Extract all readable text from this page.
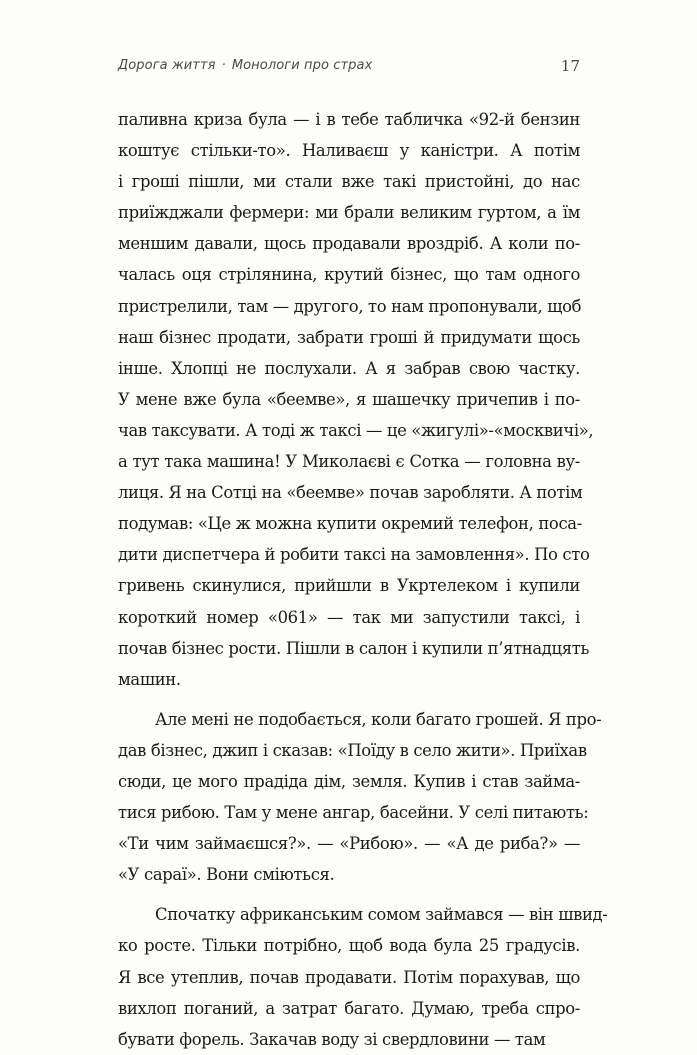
Дорога життя · Монологи про страх	17
паливна криза була — і в тебе табличка «92-й бензин
коштує стільки-то». Наливаєш у каністри. А потім
і гроші пішли, ми стали вже такі пристойні, до нас
приїжджали фермери: ми брали великим гуртом, а їм
меншим давали, щось продавали вроздріб. А коли по-
чалась оця стрілянина, крутий бізнес, що там одного
пристрелили, там — другого, то нам пропонували, щоб
наш бізнес продати, забрати гроші й придумати щось
інше. Хлопці не послухали. А я забрав свою частку.
У мене вже була «беемве», я шашечку причепив і по-
чав таксувати. А тоді ж таксі — це «жигулі»-«москвичі»,
а тут така машина! У Миколаєві є Сотка — головна ву-
лиця. Я на Сотці на «беемве» почав заробляти. А потім
подумав: «Це ж можна купити окремий телефон, поса-
дити диспетчера й робити таксі на замовлення». По сто
гривень скинулися, прийшли в Укртелеком і купили
короткий номер «061» — так ми запустили таксі, і
почав бізнес рости. Пішли в салон і купили п’ятнадцять
машин.
Але мені не подобається, коли багато грошей. Я про-
дав бізнес, джип і сказав: «Поїду в село жити». Приїхав
сюди, це мого прадіда дім, земля. Купив і став займа-
тися рибою. Там у мене ангар, басейни. У селі питають:
«Ти чим займаєшся?». — «Рибою». — «А де риба?» —
«У сараї». Вони сміються.
Спочатку африканським сомом займався — він швид-
ко росте. Тільки потрібно, щоб вода була 25 градусів.
Я все утеплив, почав продавати. Потім порахував, що
вихлоп поганий, а затрат багато. Думаю, треба спро-
бувати форель. Закачав воду зі свердловини — там
